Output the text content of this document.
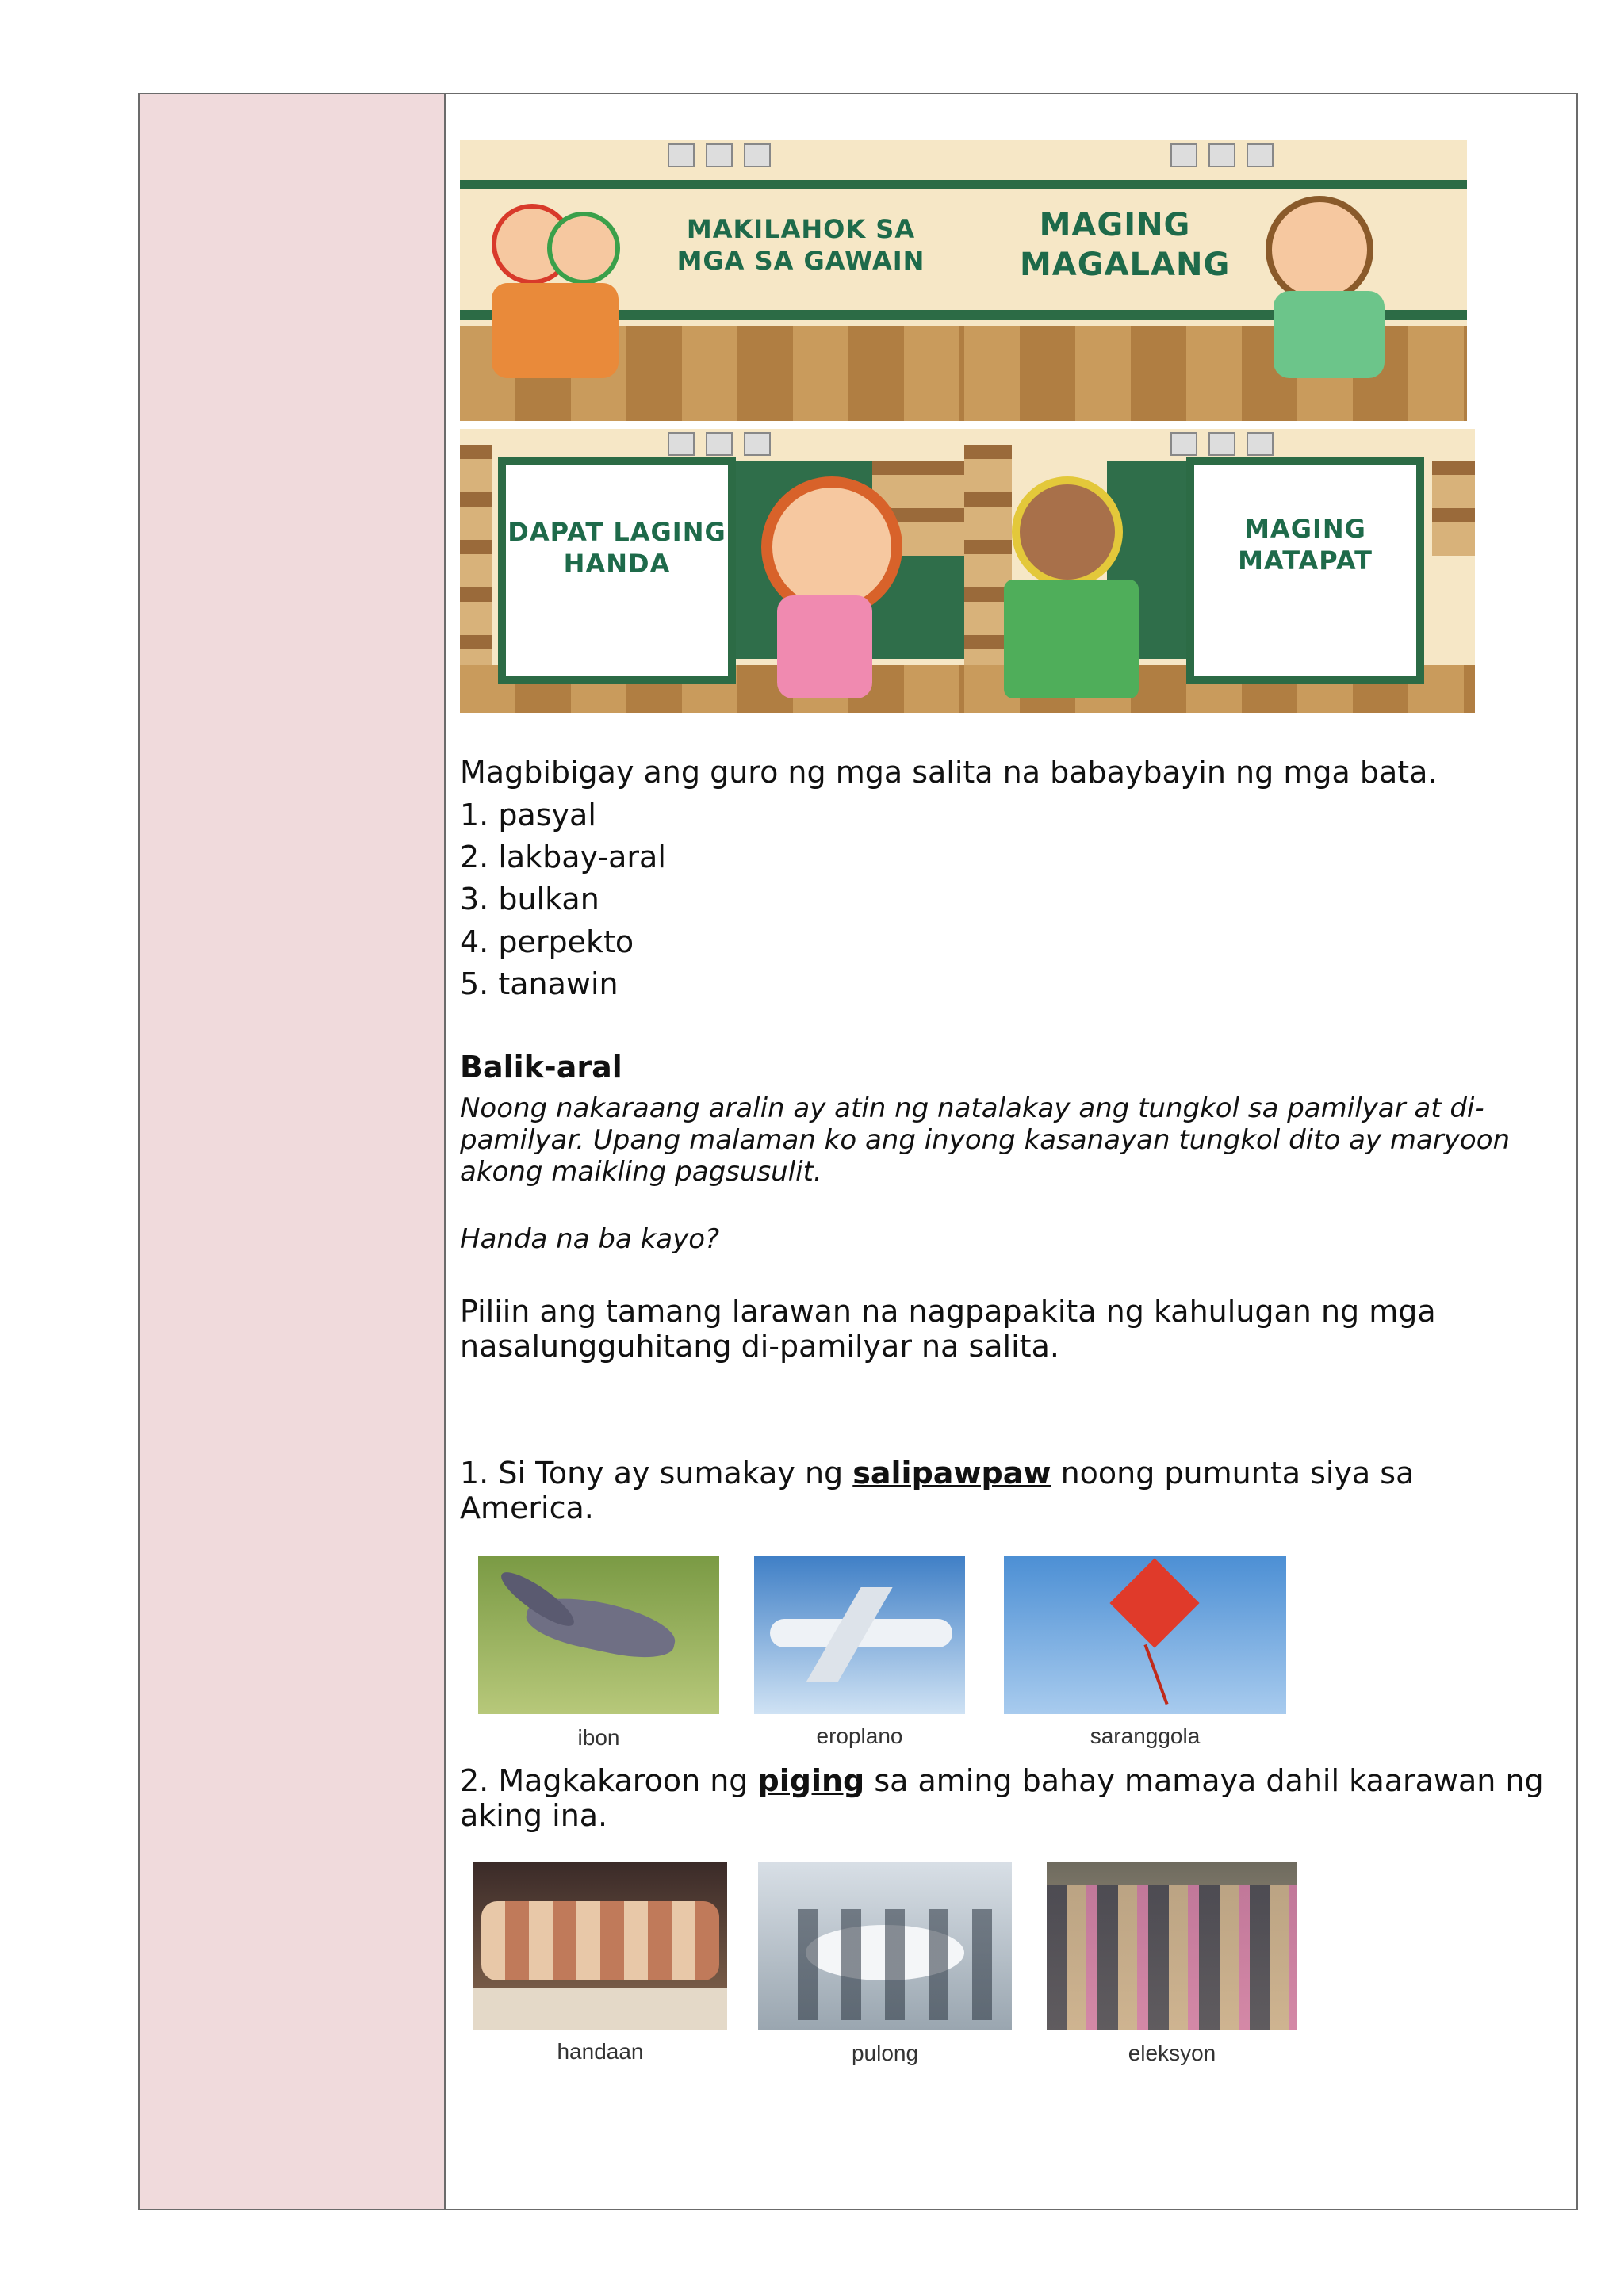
MAKILAHOK SA
MGA SA GAWAIN
MAGING
MAGALANG
DAPAT LAGING
HANDA
MAGING
MATAPAT
Magbibigay ang guro ng mga salita na babaybayin ng mga bata.
1. pasyal
2. lakbay-aral
3. bulkan
4. perpekto
5. tanawin
Balik-aral
Noong nakaraang aralin ay atin ng natalakay ang tungkol sa pamilyar at di-pamilyar. Upang malaman ko ang inyong kasanayan tungkol dito ay maryoon akong maikling pagsusulit.
Handa na ba kayo?
Piliin ang tamang larawan na nagpapakita ng kahulugan ng mga nasalungguhitang di-pamilyar na salita.
1. Si Tony ay sumakay ng salipawpaw noong pumunta siya sa America.
ibon	eroplano	saranggola
2. Magkakaroon ng piging sa aming bahay mamaya dahil kaarawan ng aking ina.
handaan	pulong	eleksyon
